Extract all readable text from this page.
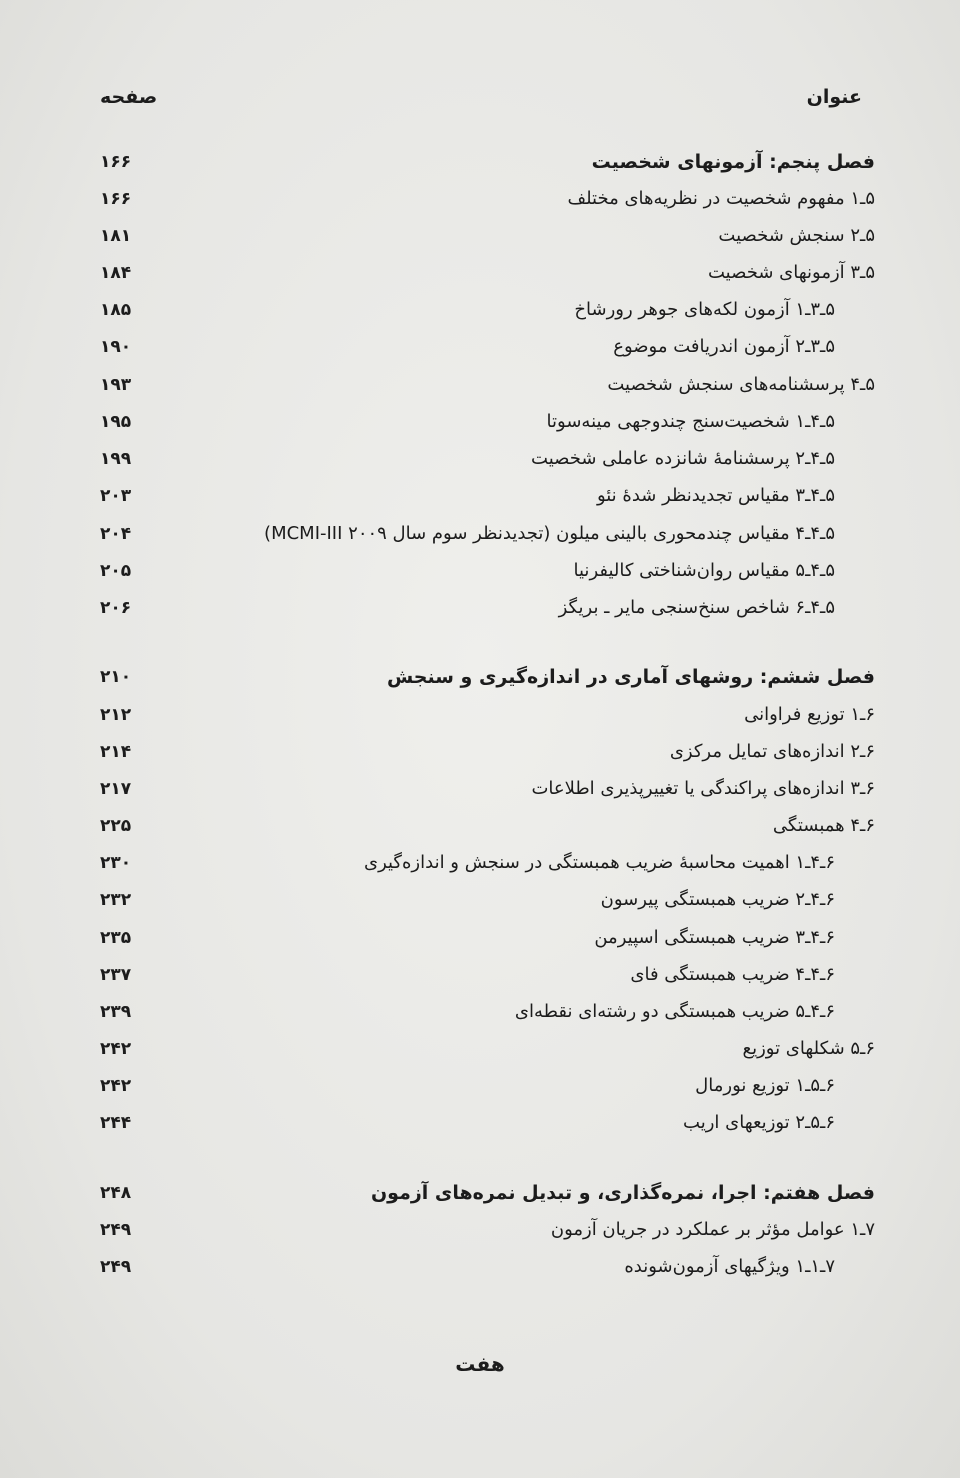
عنوان
صفحه
فصل پنجم: آزمونهای شخصیت
۱۶۶
۵ـ۱ مفهوم شخصیت در نظریه‌های مختلف
۱۶۶
۵ـ۲ سنجش شخصیت
۱۸۱
۵ـ۳ آزمونهای شخصیت
۱۸۴
۵ـ۳ـ۱ آزمون لکه‌های جوهر رورشاخ
۱۸۵
۵ـ۳ـ۲ آزمون اندریافت موضوع
۱۹۰
۵ـ۴ پرسشنامه‌های سنجش شخصیت
۱۹۳
۵ـ۴ـ۱ شخصیت‌سنج چندوجهی مینه‌سوتا
۱۹۵
۵ـ۴ـ۲ پرسشنامهٔ شانزده عاملی شخصیت
۱۹۹
۵ـ۴ـ۳ مقیاس تجدیدنظر شدهٔ نئو
۲۰۳
۵ـ۴ـ۴ مقیاس چندمحوری بالینی میلون (تجدیدنظر سوم سال ۲۰۰۹ MCMI-III)
۲۰۴
۵ـ۴ـ۵ مقیاس روان‌شناختی کالیفرنیا
۲۰۵
۵ـ۴ـ۶ شاخص سنخ‌سنجی مایر ـ بریگز
۲۰۶
فصل ششم: روشهای آماری در اندازه‌گیری و سنجش
۲۱۰
۶ـ۱ توزیع فراوانی
۲۱۲
۶ـ۲ اندازه‌های تمایل مرکزی
۲۱۴
۶ـ۳ اندازه‌های پراکندگی یا تغییرپذیری اطلاعات
۲۱۷
۶ـ۴ همبستگی
۲۲۵
۶ـ۴ـ۱ اهمیت محاسبهٔ ضریب همبستگی در سنجش و اندازه‌گیری
۲۳۰
۶ـ۴ـ۲ ضریب همبستگی پیرسون
۲۳۲
۶ـ۴ـ۳ ضریب همبستگی اسپیرمن
۲۳۵
۶ـ۴ـ۴ ضریب همبستگی فای
۲۳۷
۶ـ۴ـ۵ ضریب همبستگی دو رشته‌ای نقطه‌ای
۲۳۹
۶ـ۵ شکلهای توزیع
۲۴۲
۶ـ۵ـ۱ توزیع نورمال
۲۴۲
۶ـ۵ـ۲ توزیعهای اریب
۲۴۴
فصل هفتم: اجرا، نمره‌گذاری، و تبدیل نمره‌های آزمون
۲۴۸
۷ـ۱ عوامل مؤثر بر عملکرد در جریان آزمون
۲۴۹
۷ـ۱ـ۱ ویژگیهای آزمون‌شونده
۲۴۹
هفت
